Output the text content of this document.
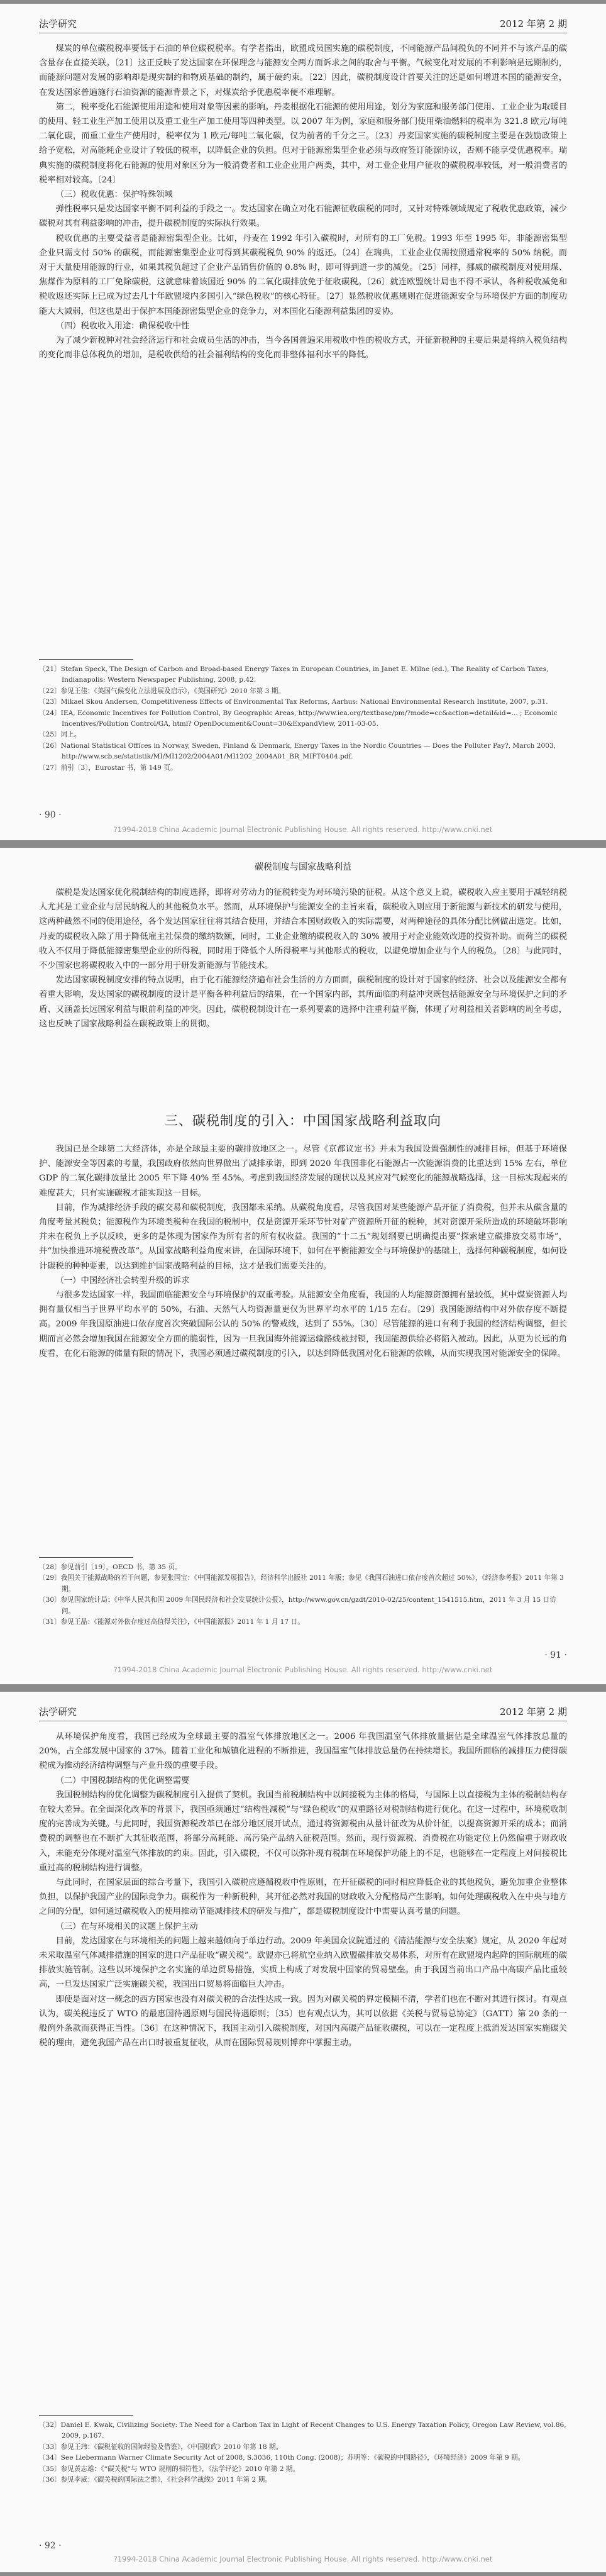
法学研究	2012 年第 2 期

煤炭的单位碳税税率要低于石油的单位碳税税率。有学者指出，欧盟成员国实施的碳税制度，不同能源产品间税负的不同并不与该产品的碳含量存在直接关联。〔21〕这正反映了发达国家在环保理念与能源安全两方面诉求之间的取舍与平衡。气候变化对发展的不利影响是远期制约，而能源问题对发展的影响却是现实制约和物质基础的制约，属于硬约束。〔22〕因此，碳税制度设计首要关注的还是如何增进本国的能源安全，在发达国家普遍施行石油资源的能源背景之下，对煤炭给予优惠税率便不难理解。

第二，税率受化石能源使用用途和使用对象等因素的影响。丹麦根据化石能源的使用用途，划分为家庭和服务部门使用、工业企业为取暖目的使用、轻工业生产加工使用以及重工业生产加工使用等四种类型。以 2007 年为例，家庭和服务部门使用柴油燃料的税率为 321.8 欧元/每吨二氧化碳，而重工业生产使用时，税率仅为 1 欧元/每吨二氧化碳，仅为前者的千分之三。〔23〕丹麦国家实施的碳税制度主要是在鼓励政策上给予宽松，对高能耗企业设计了较低的税率，以降低企业的负担。但对于能源密集型企业必须与政府签订能源协议，否则不能享受优惠税率。瑞典实施的碳税制度将化石能源的使用对象区分为一般消费者和工业企业用户两类，其中，对工业企业用户征收的碳税税率较低，对一般消费者的税率相对较高。〔24〕

（三）税收优惠：保护特殊领域

弹性税率只是发达国家平衡不同利益的手段之一。发达国家在确立对化石能源征收碳税的同时，又针对特殊领域规定了税收优惠政策，减少碳税对其有利益影响的冲击，提升碳税制度的实际执行效果。

税收优惠的主要受益者是能源密集型企业。比如，丹麦在 1992 年引入碳税时，对所有的工厂免税。1993 年至 1995 年，非能源密集型企业只需支付 50% 的碳税，而能源密集型企业可得到其碳税税负 90% 的返还。〔24〕在瑞典，工业企业仅需按照通常税率的 50% 纳税。而对于大量使用能源的行业，如果其税负超过了企业产品销售价值的 0.8% 时，即可得到进一步的减免。〔25〕同样，挪威的碳税制度对使用煤、焦煤作为原料的工厂免除碳税，这就意味着该国近 90% 的二氧化碳排放免于征收碳税。〔26〕就连欧盟统计局也不得不承认，各种税收减免和税收返还实际上已成为过去几十年欧盟境内多国引入“绿色税收”的核心特征。〔27〕显然税收优惠规则在促进能源安全与环境保护方面的制度功能大大减弱，但这也是出于保护本国能源密集型企业的竞争力，对本国化石能源利益集团的妥协。

（四）税收收入用途：确保税收中性

为了减少新税种对社会经济运行和社会成员生活的冲击，当今各国普遍采用税收中性的税收方式，开征新税种的主要后果是将纳入税负结构的变化而非总体税负的增加，是税收供给的社会福利结构的变化而非整体福利水平的降低。

〔21〕Stefan Speck, The Design of Carbon and Broad-based Energy Taxes in European Countries, in Janet E. Milne (ed.), The Reality of Carbon Taxes, Indianapolis: Western Newspaper Publishing, 2008, p.42.
〔22〕参见王佳：《美国气候变化立法进展及启示》，《美国研究》2010 年第 3 期。
〔23〕Mikael Skou Andersen, Competitiveness Effects of Environmental Tax Reforms, Aarhus: National Environmental Research Institute, 2007, p.31.
〔24〕IEA, Economic Incentives for Pollution Control, By Geographic Areas, http://www.iea.org/textbase/pm/?mode=cc&action=detail&id=... ; Economic Incentives/Pollution Control/GA, html? OpenDocument&Count=30&ExpandView, 2011-03-05.
〔25〕同上。
〔26〕National Statistical Offices in Norway, Sweden, Finland & Denmark, Energy Taxes in the Nordic Countries — Does the Polluter Pay?, March 2003, http://www.scb.se/statistik/MI/MI1202/2004A01/MI1202_2004A01_BR_MIFT0404.pdf.
〔27〕前引〔3〕，Eurostar 书，第 149 页。
· 90 ·
?1994-2018 China Academic Journal Electronic Publishing House. All rights reserved. http://www.cnki.net
碳税制度与国家战略利益

碳税是发达国家优化税制结构的制度选择，即将对劳动力的征税转变为对环境污染的征税。从这个意义上说，碳税收入应主要用于减轻纳税人尤其是工业企业与居民纳税人的其他税负水平。然而，从环境保护与能源安全的主旨来看，碳税收入则应用于新能源与新技术的研发与使用，这两种截然不同的使用途径，各个发达国家往往将其结合使用，并结合本国财政收入的实际需要，对两种途径的具体分配比例做出选定。比如，丹麦的碳税收入除了用于降低雇主社保费的缴纳数额，同时，工业企业缴纳碳税收入的 30% 被用于对企业能效改进的投资补助。而荷兰的碳税收入不仅用于降低能源密集型企业的所得税，同时用于降低个人所得税率与其他形式的税收，以避免增加企业与个人的税负。〔28〕与此同时，不少国家也将碳税收入中的一部分用于研发新能源与节能技术。

发达国家碳税制度安排的特点说明，由于化石能源经济遍布社会生活的方方面面，碳税制度的设计对于国家的经济、社会以及能源安全都有着重大影响，发达国家的碳税制度的设计是平衡各种利益后的结果，在一个国家内部，其所面临的利益冲突既包括能源安全与环境保护之间的矛盾、又涵盖长远国家利益与眼前利益的冲突。因此，碳税税制设计在一系列要素的选择中注重利益平衡，体现了对利益相关者影响的周全考虑，这也反映了国家战略利益在碳税政策上的贯彻。

三、碳税制度的引入：中国国家战略利益取向

我国已是全球第二大经济体，亦是全球最主要的碳排放地区之一。尽管《京都议定书》并未为我国设置强制性的减排目标，但基于环境保护、能源安全等因素的考量，我国政府依然向世界做出了减排承诺，即到 2020 年我国非化石能源占一次能源消费的比重达到 15% 左右，单位 GDP 的二氧化碳排放量比 2005 年下降 40% 至 45%。考虑到我国经济发展的现状以及其应对气候变化的能源战略选择，这一目标实现起来的难度甚大，只有实施碳税才能实现这一目标。

目前，作为减排经济手段的碳交易和碳税制度，我国都未采纳。从碳税角度看，尽管我国对某些能源产品开征了消费税，但并未从碳含量的角度考量其税负；能源税作为环境类税种在我国的税制中，仅是资源开采环节针对矿产资源所开征的税种，其对资源开采所造成的环境破坏影响并未在税负上予以反映，更多的是体现为国家作为所有者的所有权收益。我国的“十二五”规划纲要已明确提出要“探索建立碳排放交易市场”，并“加快推进环境税费改革”。从国家战略利益角度来讲，在国际环境下，如何在平衡能源安全与环境保护的基础上，选择何种碳税制度，如何设计碳税的种种要素，以达到维护国家战略利益的目标，这才是我们需要关注的。

（一）中国经济社会转型升级的诉求

与很多发达国家一样，我国面临能源安全与环境保护的双重考验。从能源安全角度看，我国的人均能源资源拥有量较低，其中煤炭资源人均拥有量仅相当于世界平均水平的 50%，石油、天然气人均资源量更仅为世界平均水平的 1/15 左右。〔29〕我国能源结构中对外依存度不断提高。2009 年我国原油进口依存度首次突破国际公认的 50% 的警戒线，达到了 55%。〔30〕尽管能源的进口有利于我国的经济结构调整，但长期而言必然会增加我国在能源安全方面的脆弱性，因为一旦我国海外能源运输路线被封锁，我国能源供给必将陷入被动。因此，从更为长远的角度看，在化石能源的储量有限的情况下，我国必须通过碳税制度的引入，以达到降低我国对化石能源的依赖，从而实现我国对能源安全的保障。

〔28〕参见前引〔19〕，OECD 书，第 35 页。
〔29〕我国关于能源战略的若干问题，参见张国宝：《中国能源发展报告》，经济科学出版社 2011 年版；参见《我国石油进口依存度首次超过 50%》，《经济参考报》2011 年第 3 期。
〔30〕参见国家统计局：《中华人民共和国 2009 年国民经济和社会发展统计公报》，http://www.gov.cn/gzdt/2010-02/25/content_1541515.htm，2011 年 3 月 15 日访问。
〔31〕参见王晶：《能源对外依存度过高值得关注》，《中国能源报》2011 年 1 月 17 日。
?1994-2018 China Academic Journal Electronic Publishing House. All rights reserved. http://www.cnki.net
· 91 ·
法学研究	2012 年第 2 期

从环境保护角度看，我国已经成为全球最主要的温室气体排放地区之一。2006 年我国温室气体排放量据估是全球温室气体排放总量的 20%，占全部发展中国家的 37%。随着工业化和城镇化进程的不断推进，我国温室气体排放总量仍在持续增长。我国所面临的减排压力使得碳税成为推动经济结构调整与产业升级的重要手段。

（二）中国税制结构的优化调整需要

我国税制结构的优化调整为碳税制度引入提供了契机。我国当前税制结构中以间接税为主体的格局，与国际上以直接税为主体的税制结构存在较大差异。在全面深化改革的背景下，我国亟须通过“结构性减税”与“绿色税收”的双重路径对税制结构进行优化。在这一过程中，环境税收制度的完善成为关键。与此同时，我国资源税改革已在部分地区展开试点，通过将资源税由从量计征改为从价计征，以提高资源开采的成本；而消费税的调整也在不断扩大其征收范围，将部分高耗能、高污染产品纳入征税范围。然而，现行资源税、消费税在功能定位上仍然偏重于财政收入，未能充分体现对温室气体排放的约束。因此，引入碳税，不仅可以弥补现有税制在环境保护功能上的不足，也能够在一定程度上对间接税比重过高的税制结构进行调整。

与此同时，在国家层面的综合考量下，我国引入碳税应遵循税收中性原则，在开征碳税的同时相应降低企业的其他税负，避免加重企业整体负担，以保护我国产业的国际竞争力。碳税作为一种新税种，其开征必然对我国的财政收入分配格局产生影响。如何处理碳税收入在中央与地方之间的分配，如何通过碳税收入的使用推动节能减排技术的研发与推广，都是碳税制度设计中需要认真考量的问题。

（三）在与环境相关的议题上保护主动

目前，发达国家在与环境相关的问题上越来越倾向于单边行动。2009 年美国众议院通过的《清洁能源与安全法案》规定，从 2020 年起对未采取温室气体减排措施的国家的进口产品征收“碳关税”。欧盟亦已将航空业纳入欧盟碳排放交易体系，对所有在欧盟境内起降的国际航班的碳排放实施管制。这些以环境保护之名实施的单边贸易措施，实质上构成了对发展中国家的贸易壁垒。由于我国当前出口产品中高碳产品比重较高，一旦发达国家广泛实施碳关税，我国出口贸易将面临巨大冲击。

即使是面对这一概念的西方国家也没有对碳关税的合法性达成一致。因为对碳关税的界定模糊不清，学者们也在不断对其进行探讨。有观点认为，碳关税违反了 WTO 的最惠国待遇原则与国民待遇原则；〔35〕也有观点认为，其可以依据《关税与贸易总协定》（GATT）第 20 条的一般例外条款而获得正当性。〔36〕在这种情况下，我国主动引入碳税制度，对国内高碳产品征收碳税，可以在一定程度上抵消发达国家实施碳关税的理由，避免我国产品在出口时被重复征收，从而在国际贸易规则博弈中掌握主动。

〔32〕Daniel E. Kwak, Civilizing Society: The Need for a Carbon Tax in Light of Recent Changes to U.S. Energy Taxation Policy, Oregon Law Review, vol.86, 2009, p.167.
〔33〕参见王玮：《碳税征收的国际经验及借鉴》，《中国财政》2010 年第 18 期。
〔34〕See Liebermann Warner Climate Security Act of 2008, S.3036, 110th Cong. (2008)；苏明等：《碳税的中国路径》，《环境经济》2009 年第 9 期。
〔35〕参见黄志雄：《“碳关税”与 WTO 规则的相符性》，《法学评论》2010 年第 2 期。
〔36〕参见李威：《碳关税的国际法之维》，《社会科学战线》2011 年第 2 期。
· 92 ·
?1994-2018 China Academic Journal Electronic Publishing House. All rights reserved. http://www.cnki.net
